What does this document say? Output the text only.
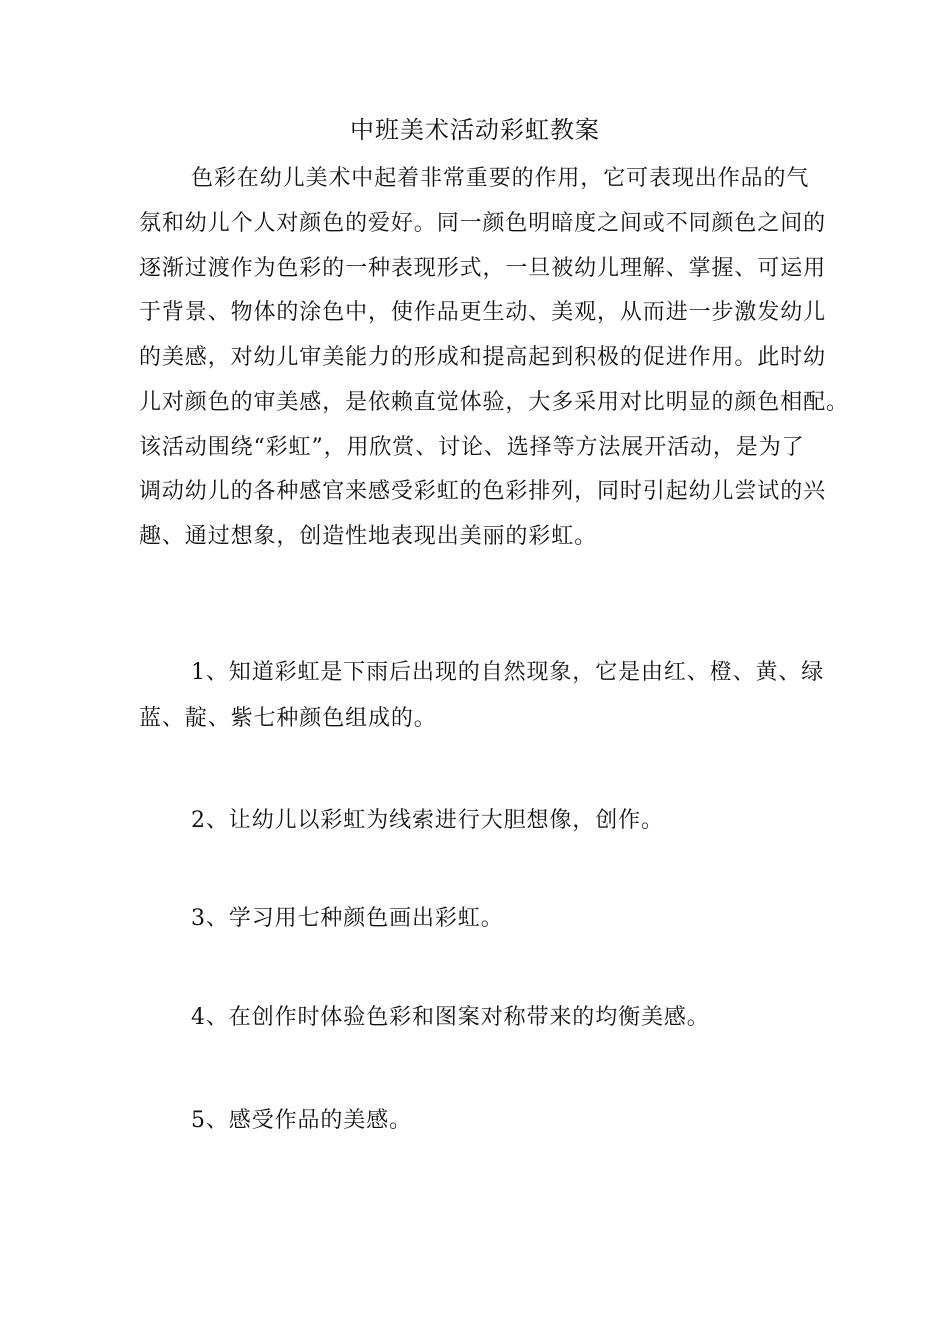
中班美术活动彩虹教案
色彩在幼儿美术中起着非常重要的作用，它可表现出作品的气
氛和幼儿个人对颜色的爱好。同一颜色明暗度之间或不同颜色之间的
逐渐过渡作为色彩的一种表现形式，一旦被幼儿理解、掌握、可运用
于背景、物体的涂色中，使作品更生动、美观，从而进一步激发幼儿
的美感，对幼儿审美能力的形成和提高起到积极的促进作用。此时幼
儿对颜色的审美感，是依赖直觉体验，大多采用对比明显的颜色相配。
该活动围绕“彩虹”，用欣赏、讨论、选择等方法展开活动，是为了
调动幼儿的各种感官来感受彩虹的色彩排列，同时引起幼儿尝试的兴
趣、通过想象，创造性地表现出美丽的彩虹。
1、知道彩虹是下雨后出现的自然现象，它是由红、橙、黄、绿
蓝、靛、紫七种颜色组成的。
2、让幼儿以彩虹为线索进行大胆想像，创作。
3、学习用七种颜色画出彩虹。
4、在创作时体验色彩和图案对称带来的均衡美感。
5、感受作品的美感。
